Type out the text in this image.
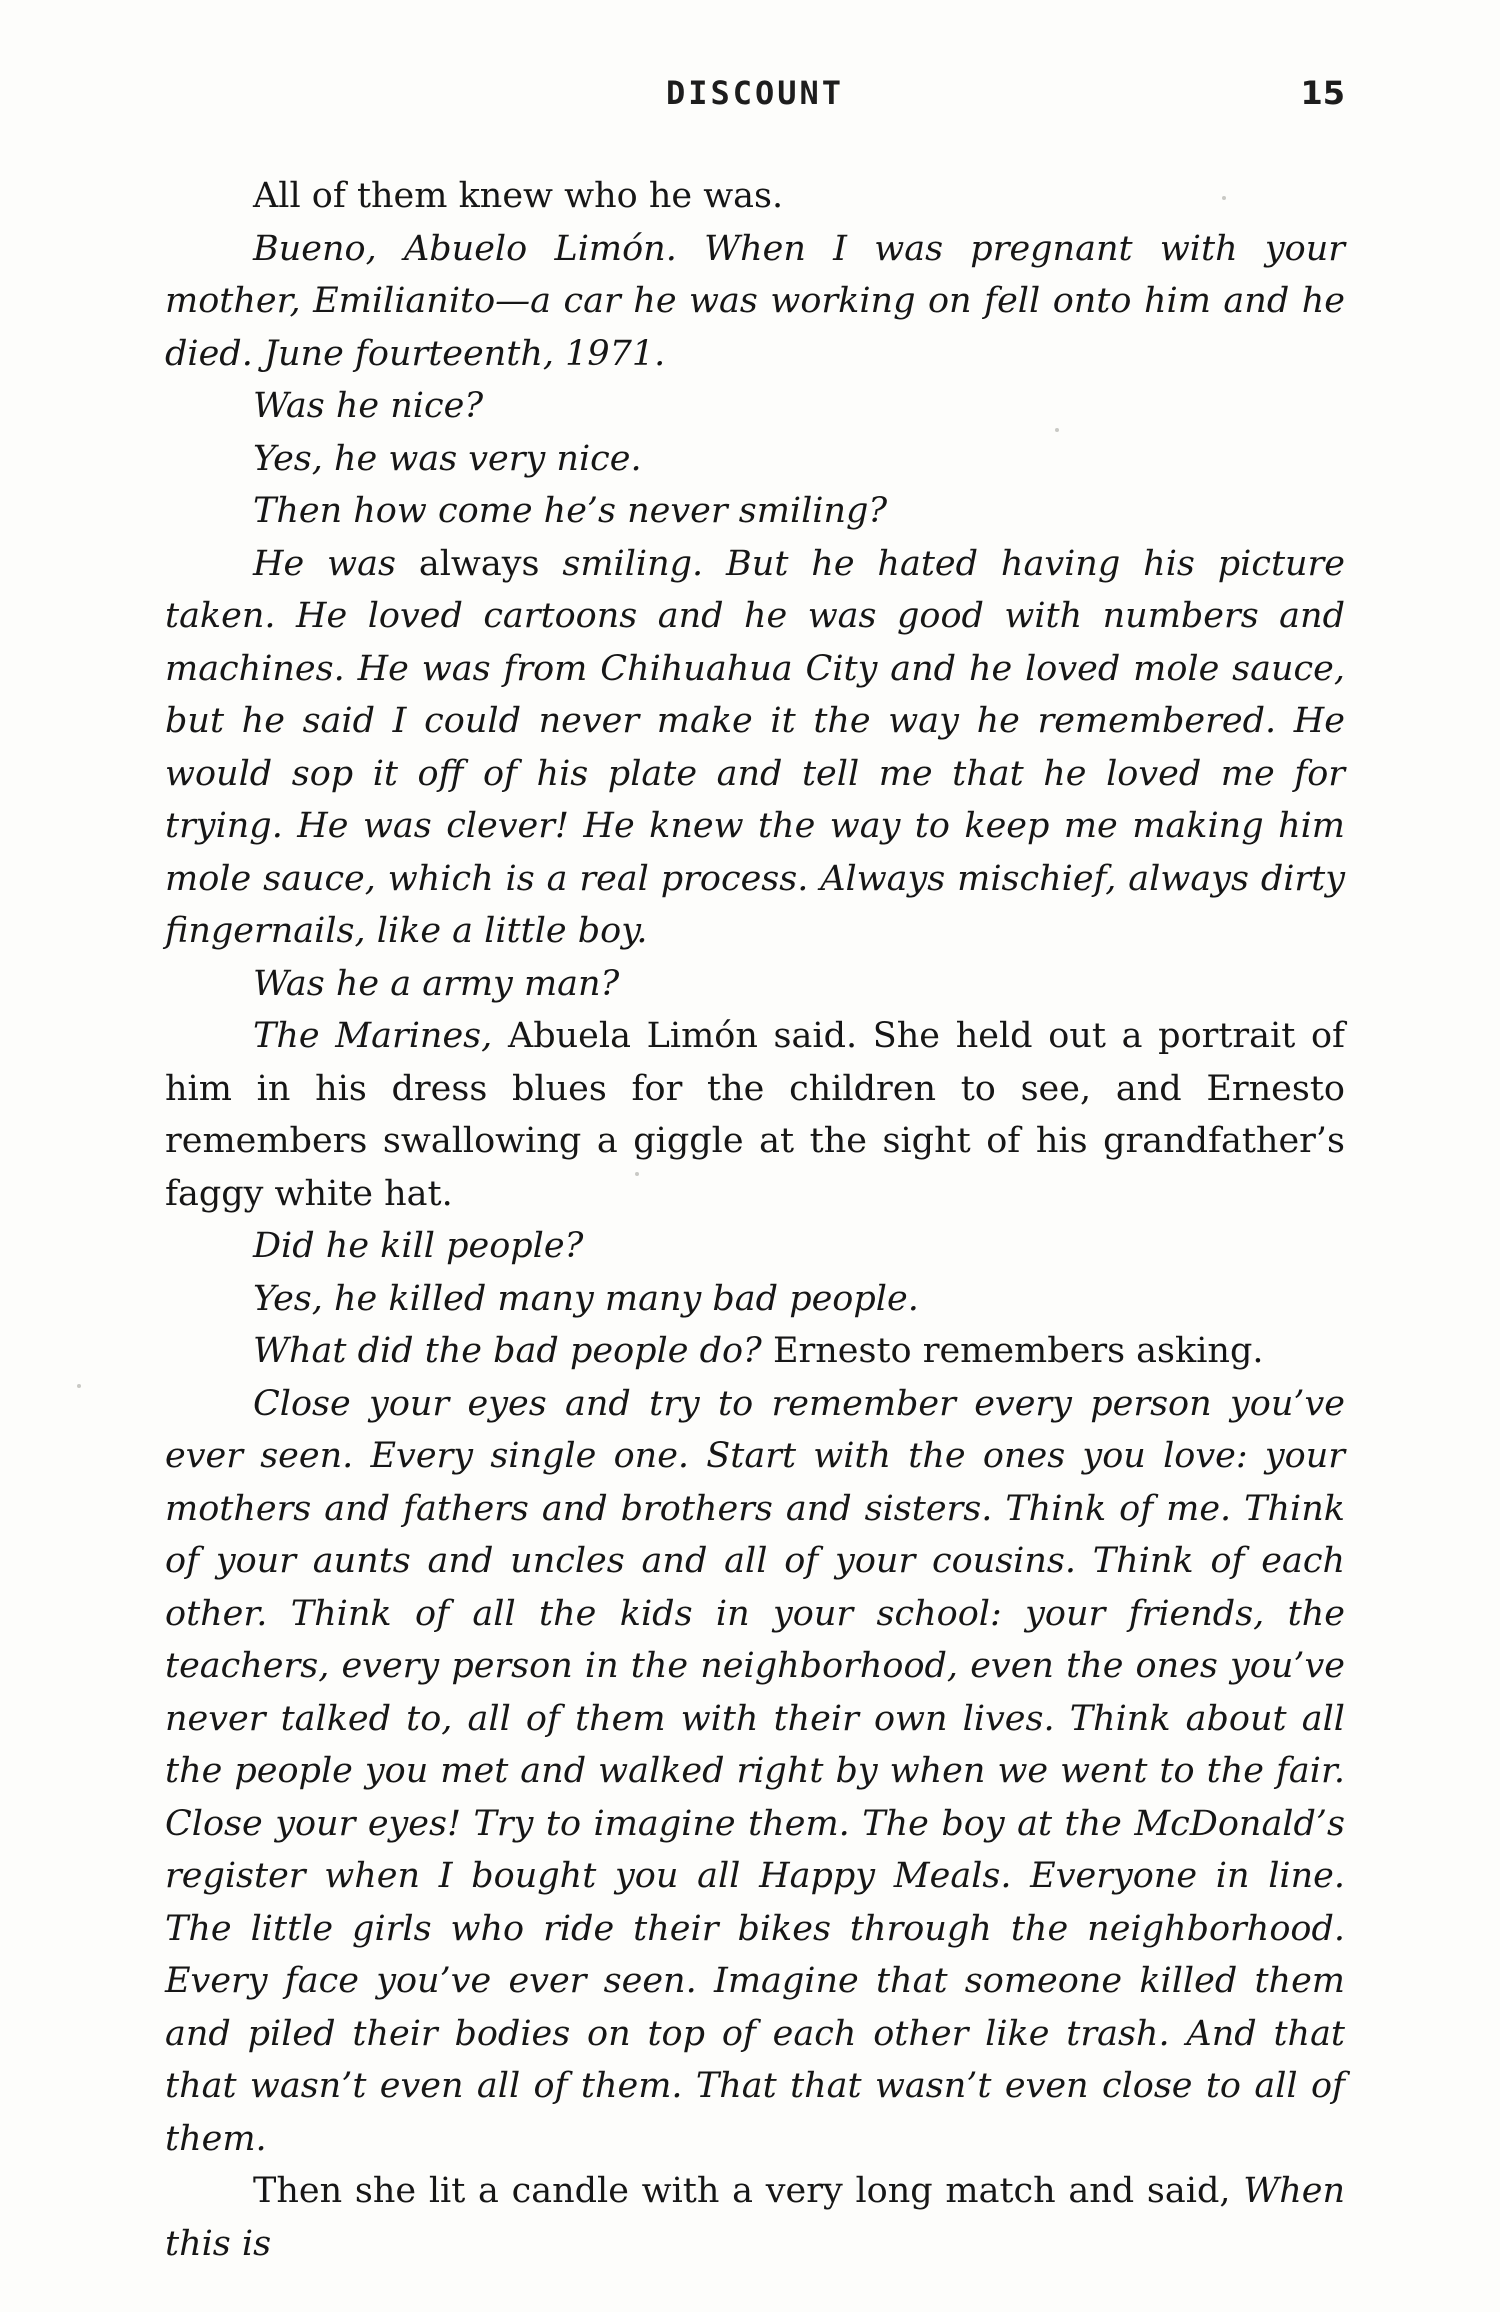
DISCOUNT	15

All of them knew who he was.

Bueno, Abuelo Limón. When I was pregnant with your mother, Emilianito—a car he was working on fell onto him and he died. June fourteenth, 1971.

Was he nice?

Yes, he was very nice.

Then how come he’s never smiling?

He was always smiling. But he hated having his picture taken. He loved cartoons and he was good with numbers and machines. He was from Chihuahua City and he loved mole sauce, but he said I could never make it the way he remembered. He would sop it off of his plate and tell me that he loved me for trying. He was clever! He knew the way to keep me making him mole sauce, which is a real process. Always mischief, always dirty fingernails, like a little boy.

Was he a army man?

The Marines, Abuela Limón said. She held out a portrait of him in his dress blues for the children to see, and Ernesto remembers swallowing a giggle at the sight of his grandfather’s faggy white hat.

Did he kill people?

Yes, he killed many many bad people.

What did the bad people do? Ernesto remembers asking.

Close your eyes and try to remember every person you’ve ever seen. Every single one. Start with the ones you love: your mothers and fathers and brothers and sisters. Think of me. Think of your aunts and uncles and all of your cousins. Think of each other. Think of all the kids in your school: your friends, the teachers, every person in the neighborhood, even the ones you’ve never talked to, all of them with their own lives. Think about all the people you met and walked right by when we went to the fair. Close your eyes! Try to imagine them. The boy at the McDonald’s register when I bought you all Happy Meals. Everyone in line. The little girls who ride their bikes through the neighborhood. Every face you’ve ever seen. Imagine that someone killed them and piled their bodies on top of each other like trash. And that that wasn’t even all of them. That that wasn’t even close to all of them.

Then she lit a candle with a very long match and said, When this is
